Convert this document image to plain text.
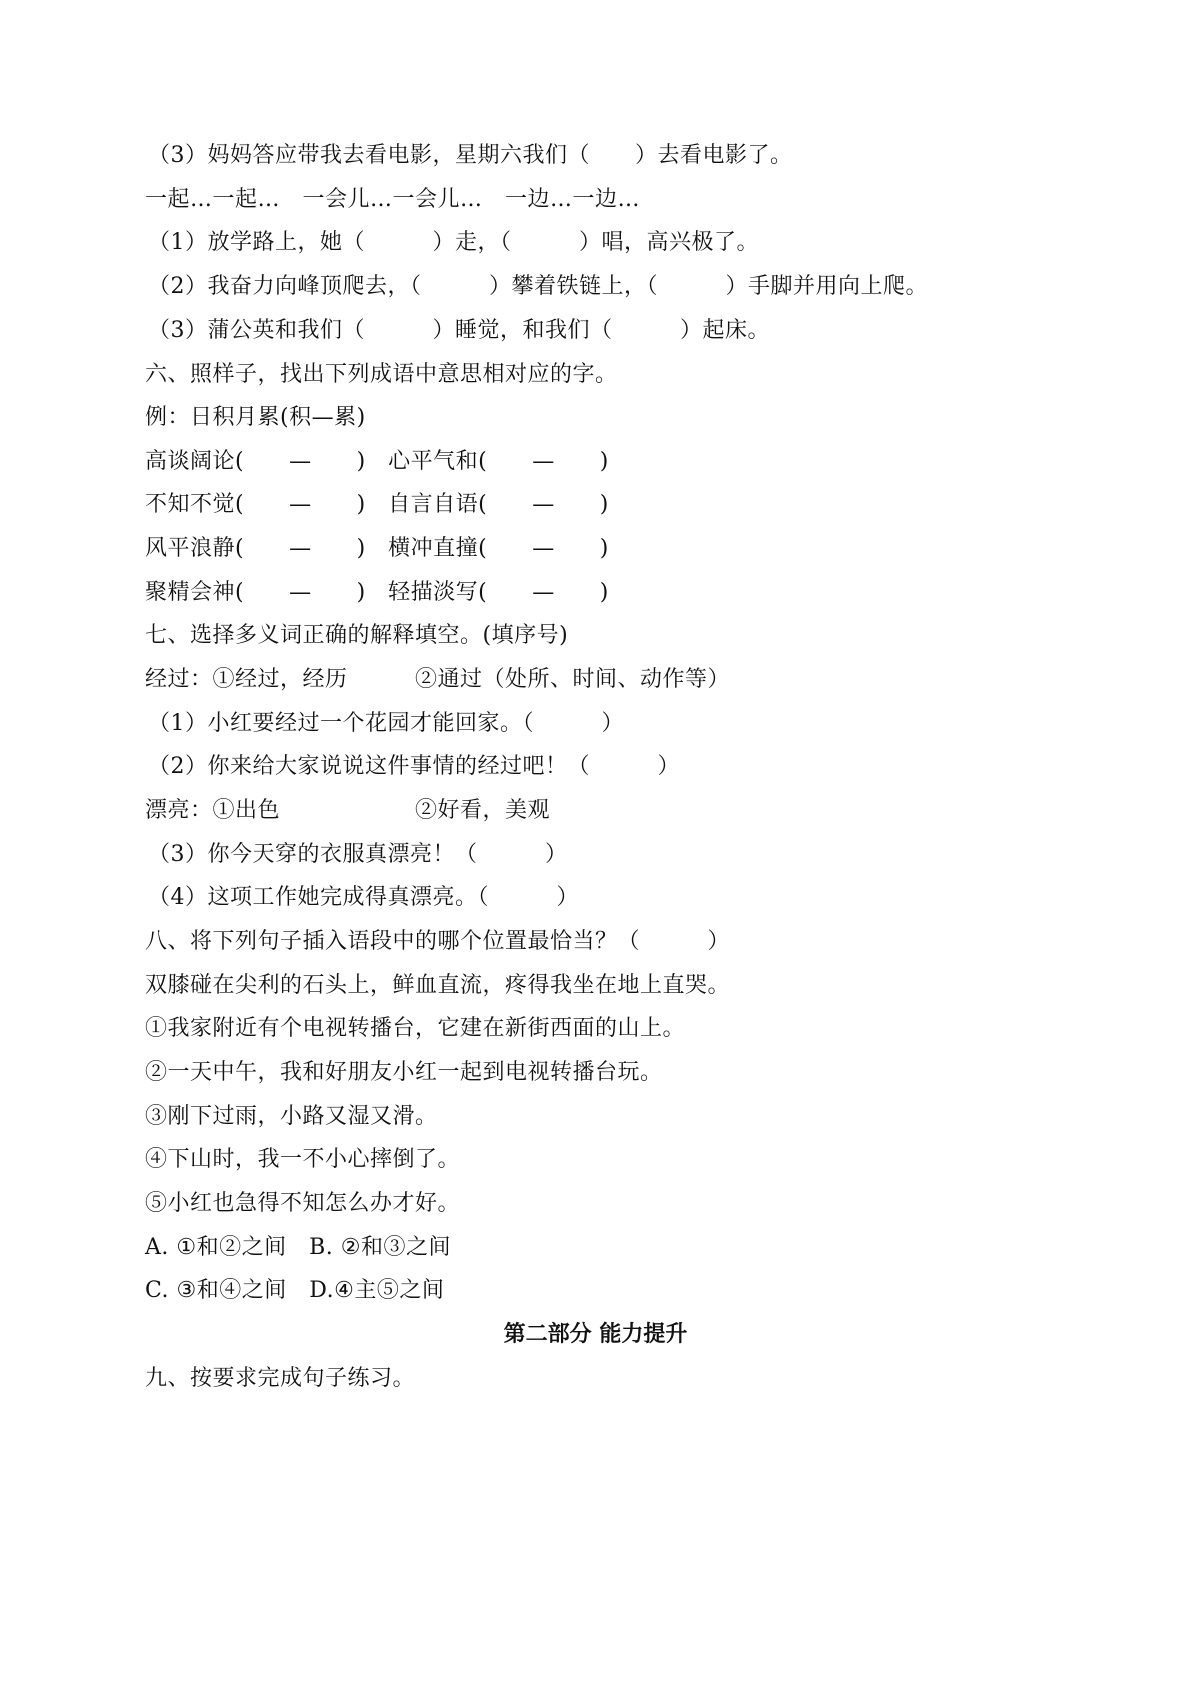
（3）妈妈答应带我去看电影，星期六我们（　　）去看电影了。
一起…一起…　一会儿…一会儿…　一边…一边…
（1）放学路上，她（　　　）走，（　　　）唱，高兴极了。
（2）我奋力向峰顶爬去，（　　　）攀着铁链上，（　　　）手脚并用向上爬。
（3）蒲公英和我们（　　　）睡觉，和我们（　　　）起床。
六、照样子，找出下列成语中意思相对应的字。
例：日积月累(积—累)
高谈阔论(　　—　　)　心平气和(　　—　　)
不知不觉(　　—　　)　自言自语(　　—　　)
风平浪静(　　—　　)　横冲直撞(　　—　　)
聚精会神(　　—　　)　轻描淡写(　　—　　)
七、选择多义词正确的解释填空。(填序号)
经过：①经过，经历　　　②通过（处所、时间、动作等）
（1）小红要经过一个花园才能回家。（　　　）
（2）你来给大家说说这件事情的经过吧！（　　　）
漂亮：①出色　　　　　　②好看，美观
（3）你今天穿的衣服真漂亮！（　　　）
（4）这项工作她完成得真漂亮。（　　　）
八、将下列句子插入语段中的哪个位置最恰当？（　　　）
双膝碰在尖利的石头上，鲜血直流，疼得我坐在地上直哭。
①我家附近有个电视转播台，它建在新街西面的山上。
②一天中午，我和好朋友小红一起到电视转播台玩。
③刚下过雨，小路又湿又滑。
④下山时，我一不小心摔倒了。
⑤小红也急得不知怎么办才好。
A. ①和②之间　B. ②和③之间
C. ③和④之间　D.④主⑤之间
第二部分 能力提升
九、按要求完成句子练习。
